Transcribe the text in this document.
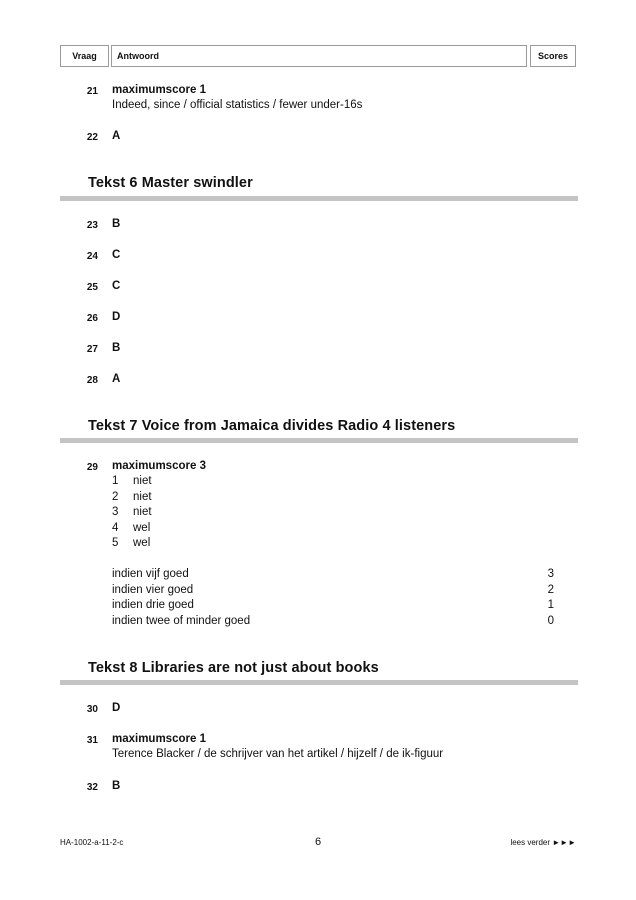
Vraag	Antwoord	Scores
21 maximumscore 1
Indeed, since / official statistics / fewer under-16s
22 A
Tekst 6 Master swindler
23 B
24 C
25 C
26 D
27 B
28 A
Tekst 7 Voice from Jamaica divides Radio 4 listeners
29 maximumscore 3
1	niet
2	niet
3	niet
4	wel
5	wel
indien vijf goed	3
indien vier goed	2
indien drie goed	1
indien twee of minder goed	0
Tekst 8 Libraries are not just about books
30 D
31 maximumscore 1
Terence Blacker / de schrijver van het artikel / hijzelf / de ik-figuur
32 B
HA-1002-a-11-2-c	6	lees verder ►►►
